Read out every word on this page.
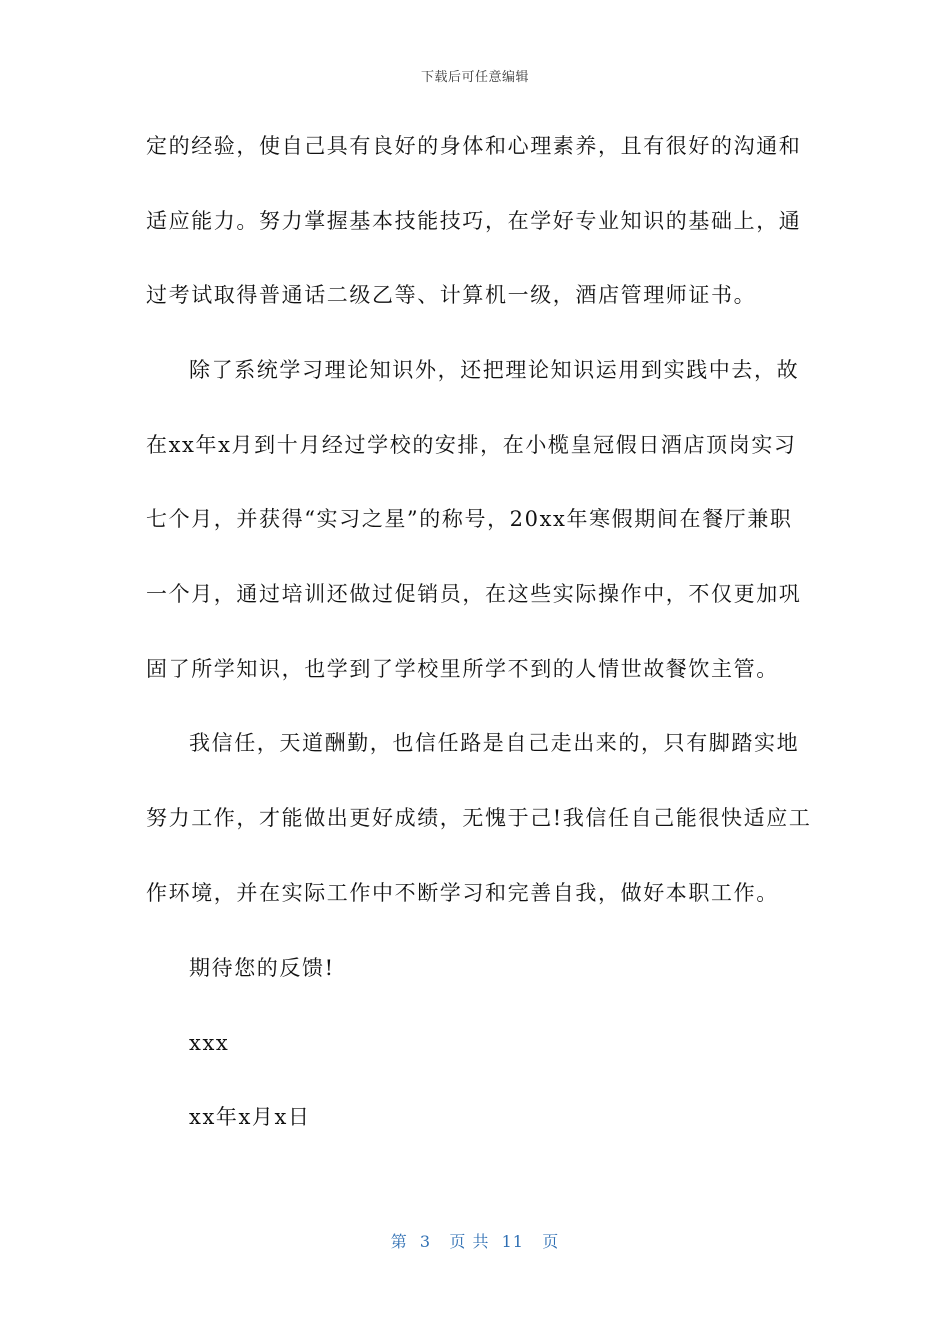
下载后可任意编辑
定的经验，使自己具有良好的身体和心理素养，且有很好的沟通和
适应能力。努力掌握基本技能技巧，在学好专业知识的基础上，通
过考试取得普通话二级乙等、计算机一级，酒店管理师证书。
除了系统学习理论知识外，还把理论知识运用到实践中去，故
在xx年x月到十月经过学校的安排，在小榄皇冠假日酒店顶岗实习
七个月，并获得“实习之星”的称号，20xx年寒假期间在餐厅兼职
一个月，通过培训还做过促销员，在这些实际操作中，不仅更加巩
固了所学知识，也学到了学校里所学不到的人情世故餐饮主管。
我信任，天道酬勤，也信任路是自己走出来的，只有脚踏实地
努力工作，才能做出更好成绩，无愧于己!我信任自己能很快适应工
作环境，并在实际工作中不断学习和完善自我，做好本职工作。
期待您的反馈!
xxx
xx年x月x日
第  3   页 共  11   页
